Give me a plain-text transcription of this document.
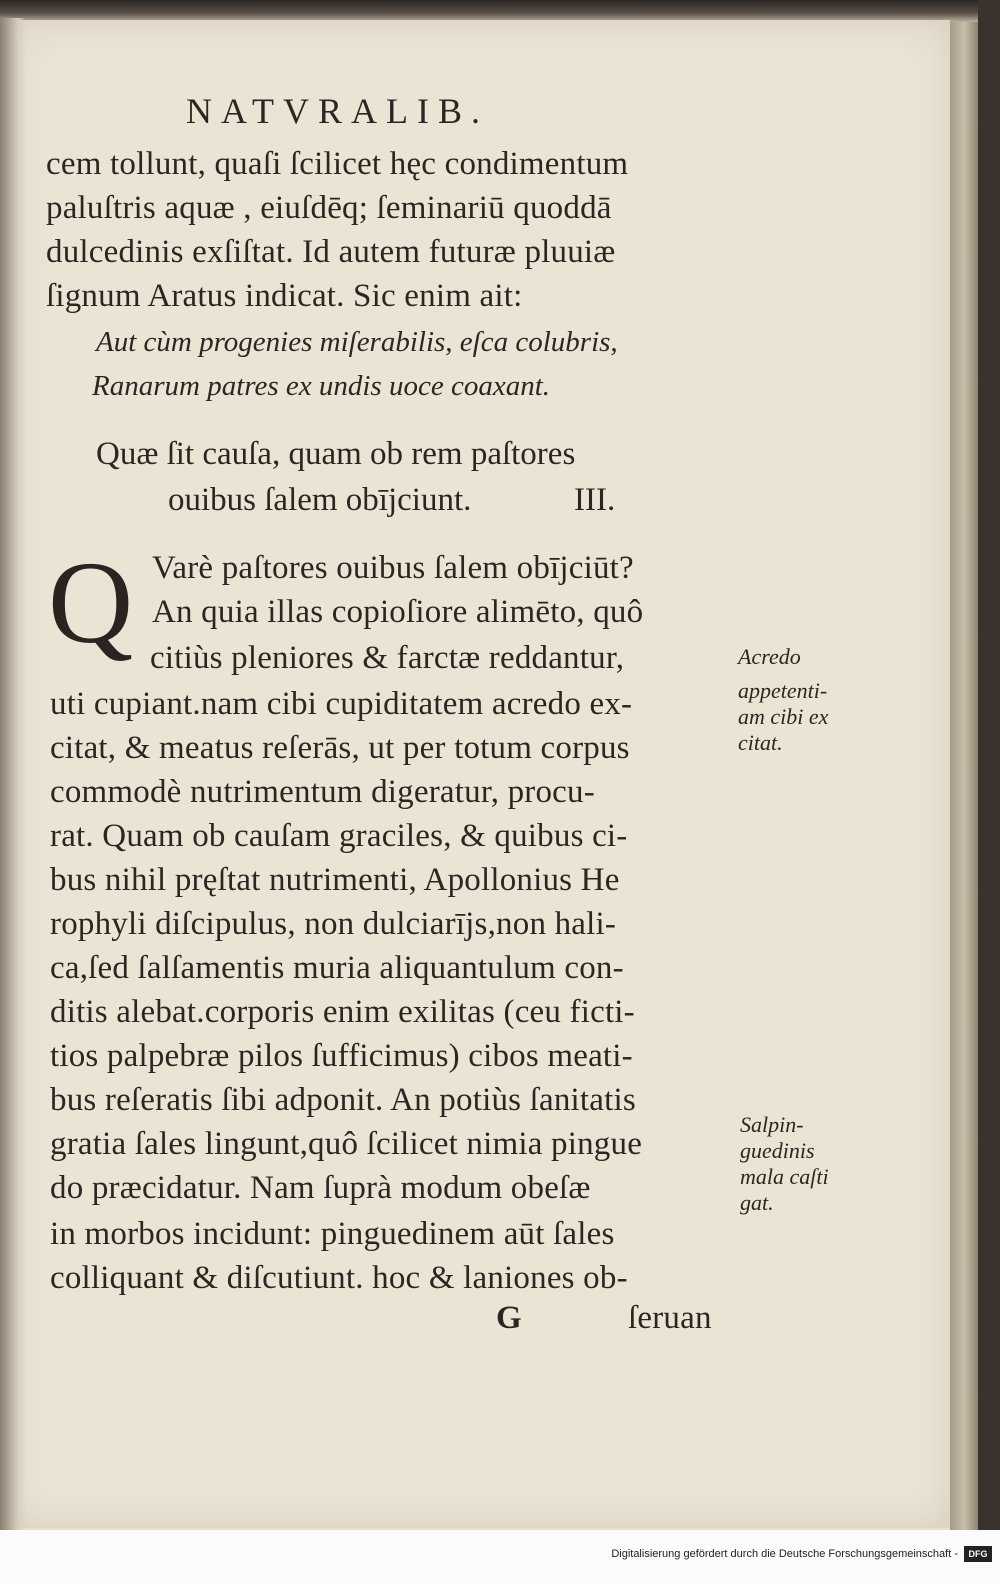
NATVRALIB.
cem tollunt, quaſi ſcilicet hęc condimentum
paluſtris aquæ , eiuſdēq; ſeminariū quoddā
dulcedinis exſiſtat. Id autem futuræ pluuiæ
ſignum Aratus indicat. Sic enim ait:
Aut cùm progenies miſerabilis, eſca colubris,
Ranarum patres ex undis uoce coaxant.
Quæ ſit cauſa, quam ob rem paſtores
ouibus ſalem obījciunt.	III.
Q Varè paſtores ouibus ſalem obījciūt?
An quia illas copioſiore alimēto, quô
citiùs pleniores & farctæ reddantur,
uti cupiant.nam cibi cupiditatem acredo ex-
citat, & meatus reſerās, ut per totum corpus
commodè nutrimentum digeratur, procu-
rat. Quam ob cauſam graciles, & quibus ci-
bus nihil pręſtat nutrimenti, Apollonius He
rophyli diſcipulus, non dulciarījs,non hali-
ca,ſed ſalſamentis muria aliquantulum con-
ditis alebat.corporis enim exilitas (ceu ficti-
tios palpebræ pilos ſufficimus) cibos meati-
bus reſeratis ſibi adponit. An potiùs ſanitatis
gratia ſales lingunt,quô ſcilicet nimia pingue
do præcidatur. Nam ſuprà modum obeſæ
in morbos incidunt: pinguedinem aūt ſales
colliquant & diſcutiunt. hoc & laniones ob-
G	ſeruan
Acredo
appetenti-
am cibi ex
citat.
Salpin-
guedinis
mala caſti
gat.
Digitalisierung gefördert durch die Deutsche Forschungsgemeinschaft -	DFG
